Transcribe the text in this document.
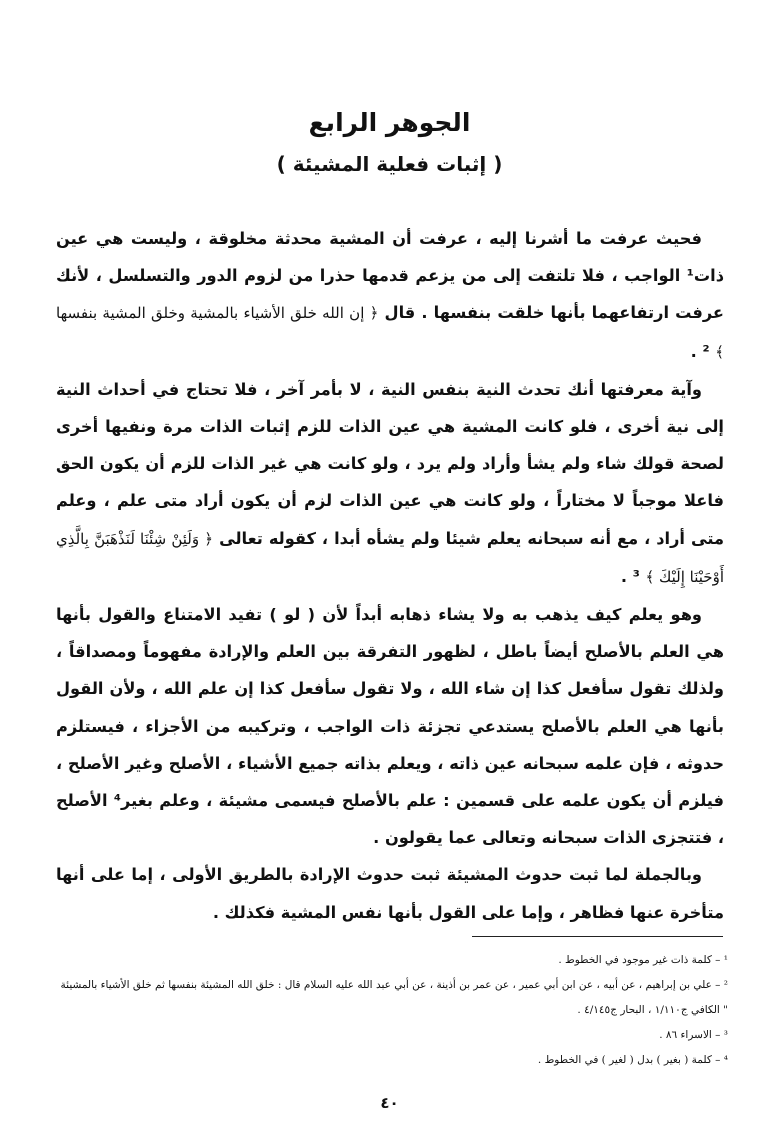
الجوهر الرابع
( إثبات فعلية المشيئة )

فحيث عرفت ما أشرنا إليه ، عرفت أن المشية محدثة مخلوقة ، وليست هي عين ذات¹ الواجب ، فلا تلتفت إلى من يزعم قدمها حذرا من لزوم الدور والتسلسل ، لأنك عرفت ارتفاعهما بأنها خلقت بنفسها . قال ﴿ إن الله خلق الأشياء بالمشية وخلق المشية بنفسها ﴾ ² .

وآية معرفتها أنك تحدث النية بنفس النية ، لا بأمر آخر ، فلا تحتاج في أحداث النية إلى نية أخرى ، فلو كانت المشية هي عين الذات للزم إثبات الذات مرة ونفيها أخرى لصحة قولك شاء ولم يشأ وأراد ولم يرد ، ولو كانت هي غير الذات للزم أن يكون الحق فاعلا موجباً لا مختاراً ، ولو كانت هي عين الذات لزم أن يكون أراد متى علم ، وعلم متى أراد ، مع أنه سبحانه يعلم شيئا ولم يشأه أبدا ، كقوله تعالى ﴿ وَلَئِنْ شِئْنَا لَنَذْهَبَنَّ بِالَّذِي أَوْحَيْنَا إِلَيْكَ ﴾ ³ .

وهو يعلم كيف يذهب به ولا يشاء ذهابه أبداً لأن ( لو ) تفيد الامتناع والقول بأنها هي العلم بالأصلح أيضاً باطل ، لظهور التفرقة بين العلم والإرادة مفهوماً ومصداقاً ، ولذلك تقول سأفعل كذا إن شاء الله ، ولا تقول سأفعل كذا إن علم الله ، ولأن القول بأنها هي العلم بالأصلح يستدعي تجزئة ذات الواجب ، وتركيبه من الأجزاء ، فيستلزم حدوثه ، فإن علمه سبحانه عين ذاته ، ويعلم بذاته جميع الأشياء ، الأصلح وغير الأصلح ، فيلزم أن يكون علمه على قسمين : علم بالأصلح فيسمى مشيئة ، وعلم بغير⁴ الأصلح ، فتتجزى الذات سبحانه وتعالى عما يقولون .

وبالجملة لما ثبت حدوث المشيئة ثبت حدوث الإرادة بالطريق الأولى ، إما على أنها متأخرة عنها فظاهر ، وإما على القول بأنها نفس المشية فكذلك .

¹ – كلمة ذات غير موجود في الخطوط .

² – علي بن إبراهيم ، عن أبيه ، عن ابن أبي عمير ، عن عمر بن أذينة ، عن أبي عبد الله عليه السلام قال : خلق الله المشيئة بنفسها ثم خلق الأشياء بالمشيئة " الكافي ج١/١١٠ ، البحار ج٤/١٤٥ .

³ – الاسراء ٨٦ .

⁴ – كلمة ( بغير ) بدل ( لغير ) في الخطوط .

٤٠
